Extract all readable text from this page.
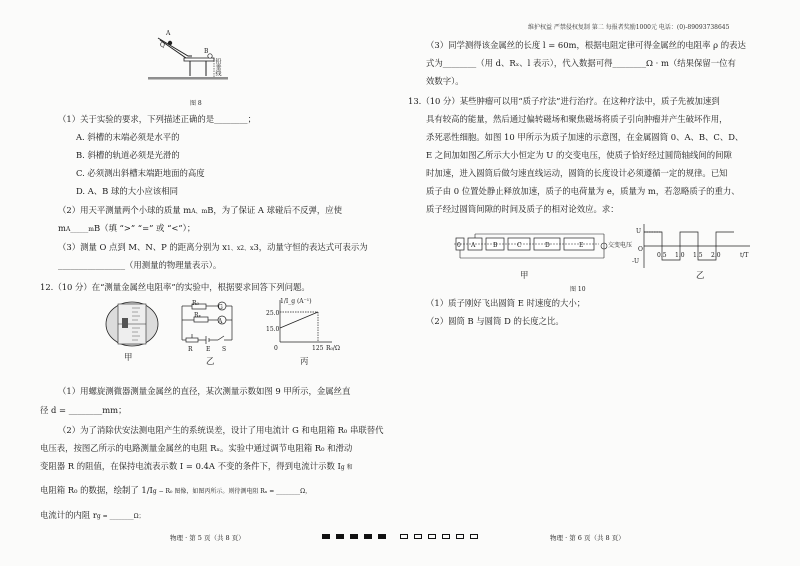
A
Q
B
铅垂线
图 8
（1）关于实验的要求，下列描述正确的是________；
A. 斜槽的末端必须是水平的
B. 斜槽的轨道必须是光滑的
C. 必须测出斜槽末端距地面的高度
D. A、B 球的大小应该相同
（2）用天平测量两个小球的质量 mA、mB，为了保证 A 球碰后不反弹，应使
mA______mB（填 “>” “=” 或 “<”）；
（3）测量 O 点到 M、N、P 的距离分别为 x1、x2、x3，动量守恒的表达式可表示为
________________（用测量的物理量表示）。
12.（10 分）在“测量金属丝电阻率”的实验中，根据要求回答下列问题。
甲
R₀
G
Rₓ
A
R E S
乙
1/I_g (A⁻¹)
25.0
15.0
0	125 R₀/Ω
丙
（1）用螺旋测微器测量金属丝的直径，某次测量示数如图 9 甲所示，金属丝直
径 d = ________mm；
（2）为了消除伏安法测电阻产生的系统误差，设计了用电流计 G 和电阻箱 R₀ 串联替代
电压表，按图乙所示的电路测量金属丝的电阻 Rₓ。实验中通过调节电阻箱 R₀ 和滑动
变阻器 R 的阻值，在保持电流表示数 I = 0.4A 不变的条件下，得到电流计示数 Ig 和
电阻箱 R₀ 的数据，绘制了 1/Ig − R₀ 图像，如图丙所示。则待测电阻 Rₓ = ________Ω，
电流计的内阻 rg = ________Ω；
物理 · 第 5 页（共 8 页）
维护权益 严禁侵权复制 第二 每报者奖励1000元 电话：(0)-89093738645
（3）同学测得该金属丝的长度 l = 60m，根据电阻定律可得金属丝的电阻率 ρ 的表达
式为________（用 d、Rₓ、l 表示），代入数据可得________Ω · m（结果保留一位有
效数字）。
13.（10 分）某些肿瘤可以用“质子疗法”进行治疗。在这种疗法中，质子先被加速到
具有较高的能量，然后通过偏转磁场和聚焦磁场将质子引向肿瘤并产生破坏作用，
杀死恶性细胞。如图 10 甲所示为质子加速的示意图，在金属圆筒 0、A、B、C、D、
E 之间加如图乙所示大小恒定为 U 的交变电压，使质子恰好经过圆筒轴线间的间隙
时加速，进入圆筒后做匀速直线运动，圆筒的长度设计必须遵循一定的规律。已知
质子由 0 位置处静止释放加速，质子的电荷量为 e，质量为 m，若忽略质子的重力、
质子经过圆筒间隙的时间及质子的相对论效应。求：
0 A	B	C	D	E	交变电压
甲
U
-U
O
0.5 1.0 1.5 2.0	t/T
乙
图 10
（1）质子刚好飞出圆筒 E 时速度的大小；
（2）圆筒 B 与圆筒 D 的长度之比。
物理 · 第 6 页（共 8 页）
